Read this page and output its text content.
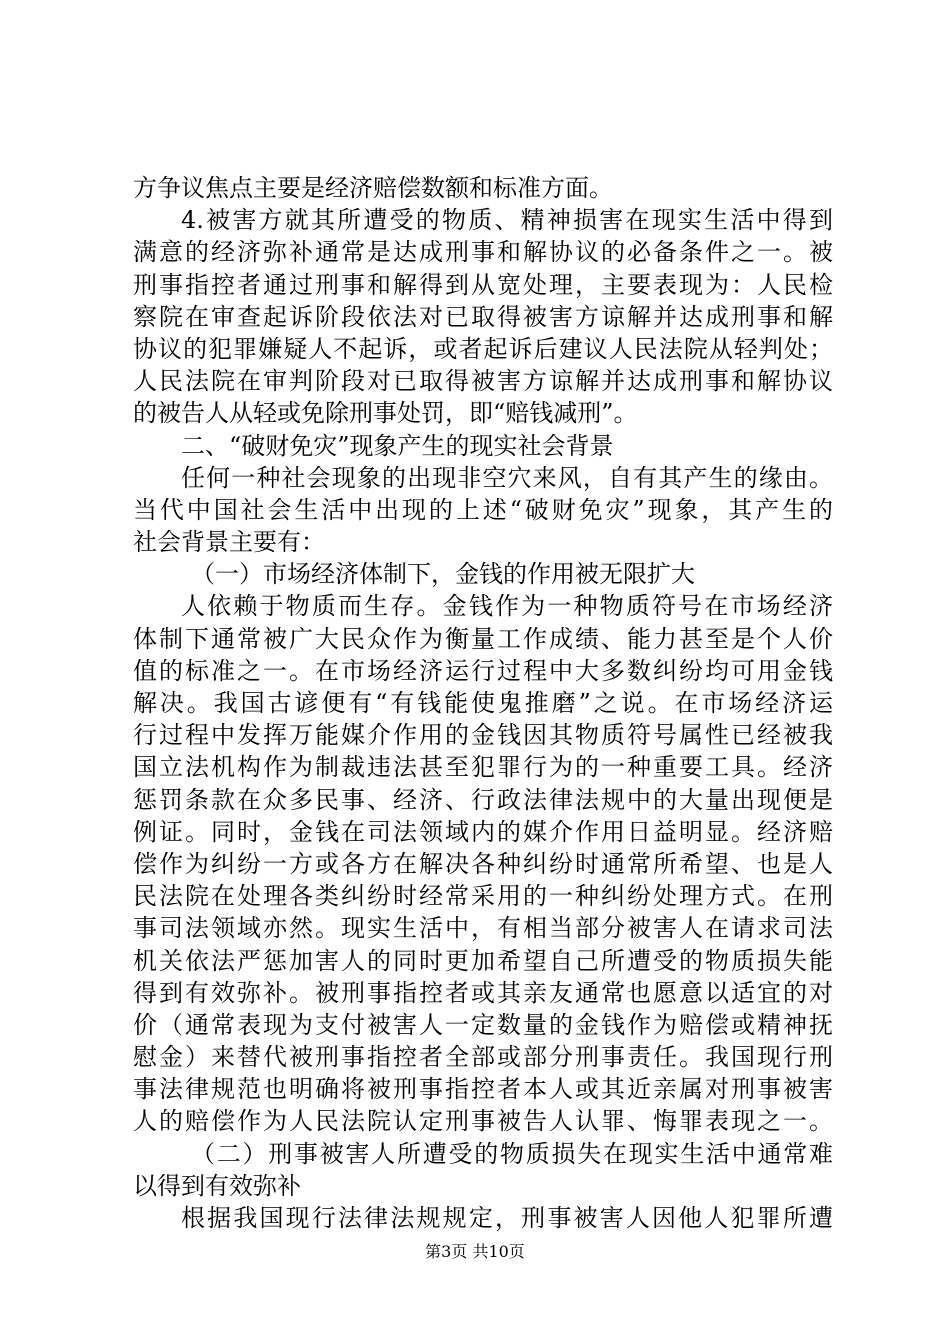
方争议焦点主要是经济赔偿数额和标准方面。
4.被害方就其所遭受的物质、精神损害在现实生活中得到
满意的经济弥补通常是达成刑事和解协议的必备条件之一。被
刑事指控者通过刑事和解得到从宽处理，主要表现为：人民检
察院在审查起诉阶段依法对已取得被害方谅解并达成刑事和解
协议的犯罪嫌疑人不起诉，或者起诉后建议人民法院从轻判处；
人民法院在审判阶段对已取得被害方谅解并达成刑事和解协议
的被告人从轻或免除刑事处罚，即“赔钱减刑”。
二、“破财免灾”现象产生的现实社会背景
任何一种社会现象的出现非空穴来风，自有其产生的缘由。
当代中国社会生活中出现的上述“破财免灾”现象，其产生的
社会背景主要有：
（一）市场经济体制下，金钱的作用被无限扩大
人依赖于物质而生存。金钱作为一种物质符号在市场经济
体制下通常被广大民众作为衡量工作成绩、能力甚至是个人价
值的标准之一。在市场经济运行过程中大多数纠纷均可用金钱
解决。我国古谚便有“有钱能使鬼推磨”之说。在市场经济运
行过程中发挥万能媒介作用的金钱因其物质符号属性已经被我
国立法机构作为制裁违法甚至犯罪行为的一种重要工具。经济
惩罚条款在众多民事、经济、行政法律法规中的大量出现便是
例证。同时，金钱在司法领域内的媒介作用日益明显。经济赔
偿作为纠纷一方或各方在解决各种纠纷时通常所希望、也是人
民法院在处理各类纠纷时经常采用的一种纠纷处理方式。在刑
事司法领域亦然。现实生活中，有相当部分被害人在请求司法
机关依法严惩加害人的同时更加希望自己所遭受的物质损失能
得到有效弥补。被刑事指控者或其亲友通常也愿意以适宜的对
价（通常表现为支付被害人一定数量的金钱作为赔偿或精神抚
慰金）来替代被刑事指控者全部或部分刑事责任。我国现行刑
事法律规范也明确将被刑事指控者本人或其近亲属对刑事被害
人的赔偿作为人民法院认定刑事被告人认罪、悔罪表现之一。
（二）刑事被害人所遭受的物质损失在现实生活中通常难
以得到有效弥补
根据我国现行法律法规规定，刑事被害人因他人犯罪所遭
第3页 共10页
